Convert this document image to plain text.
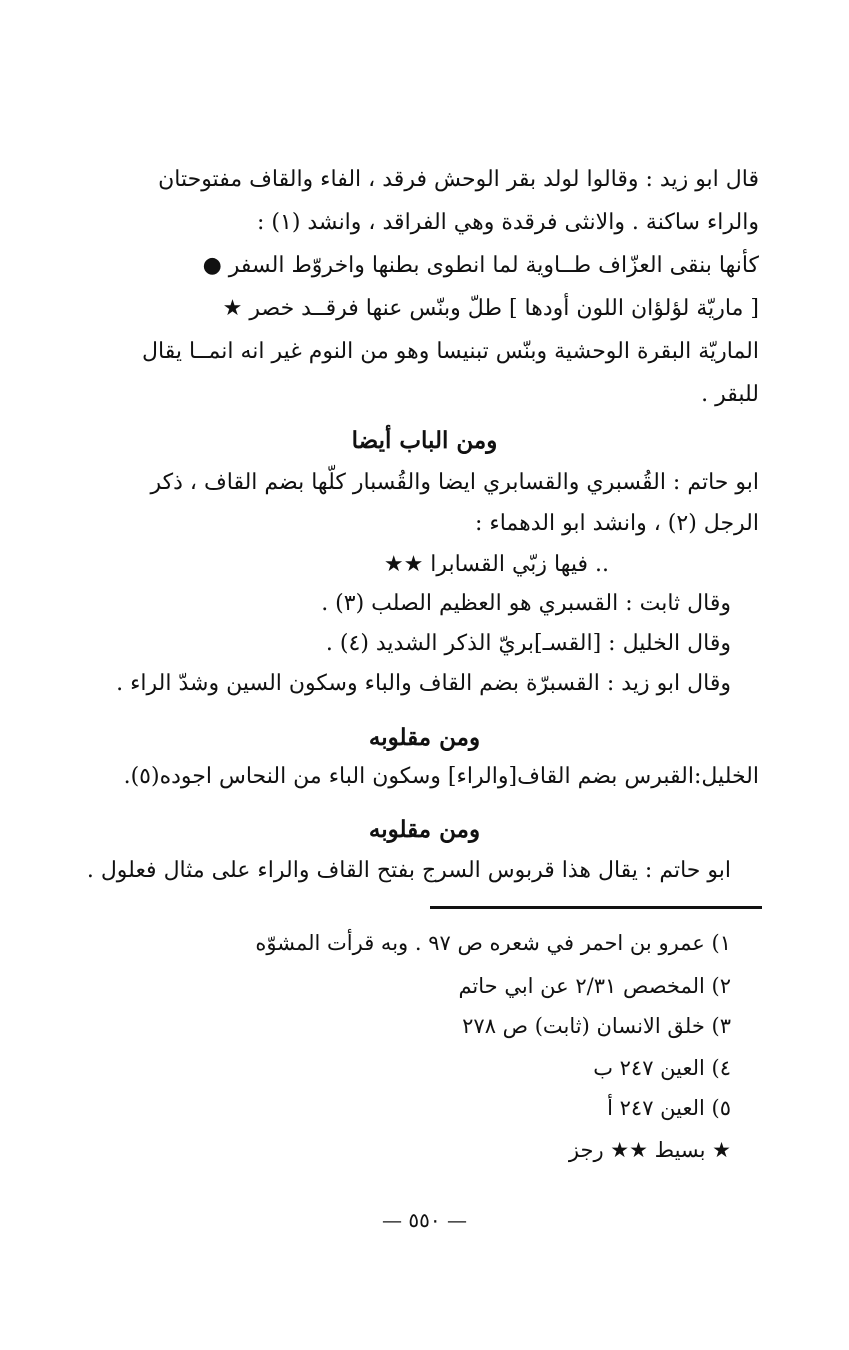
قال ابو زيد : وقالوا لولد بقر الوحش فرقد ، الفاء والقاف مفتوحتان
والراء ساكنة . والانثى فرقدة وهي الفراقد ، وانشد (١) :
كأنها بنقى العزّاف طــاوية لما انطوى بطنها واخروّط السفر ●
[ ماريّة لؤلؤان اللون أودها ] طلّ وبنّس عنها فرقــد خصر ★
الماريّة البقرة الوحشية وبنّس تبنيسا وهو من النوم غير انه انمــا يقال
للبقر .
ومن الباب أيضا
ابو حاتم : القُسبري والقسابري ايضا والقُسبار كلّها بضم القاف ، ذكر
الرجل (٢) ، وانشد ابو الدهماء :
.. فيها زبّي القسابرا ★★
وقال ثابت : القسبري هو العظيم الصلب (٣) .
وقال الخليل : [القسـ]بريّ الذكر الشديد (٤) .
وقال ابو زيد : القسبرّة بضم القاف والباء وسكون السين وشدّ الراء .
ومن مقلوبه
الخليل:القبرس بضم القاف[والراء] وسكون الباء من النحاس اجوده(٥).
ومن مقلوبه
ابو حاتم : يقال هذا قربوس السرج بفتح القاف والراء على مثال فعلول .
١) عمرو بن احمر في شعره ص ٩٧ . وبه قرأت المشوّه
٢) المخصص ٢/٣١ عن ابي حاتم
٣) خلق الانسان (ثابت) ص ٢٧٨
٤) العين ٢٤٧ ب
٥) العين ٢٤٧ أ
★ بسيط ★★ رجز
— ٥٥٠ —
